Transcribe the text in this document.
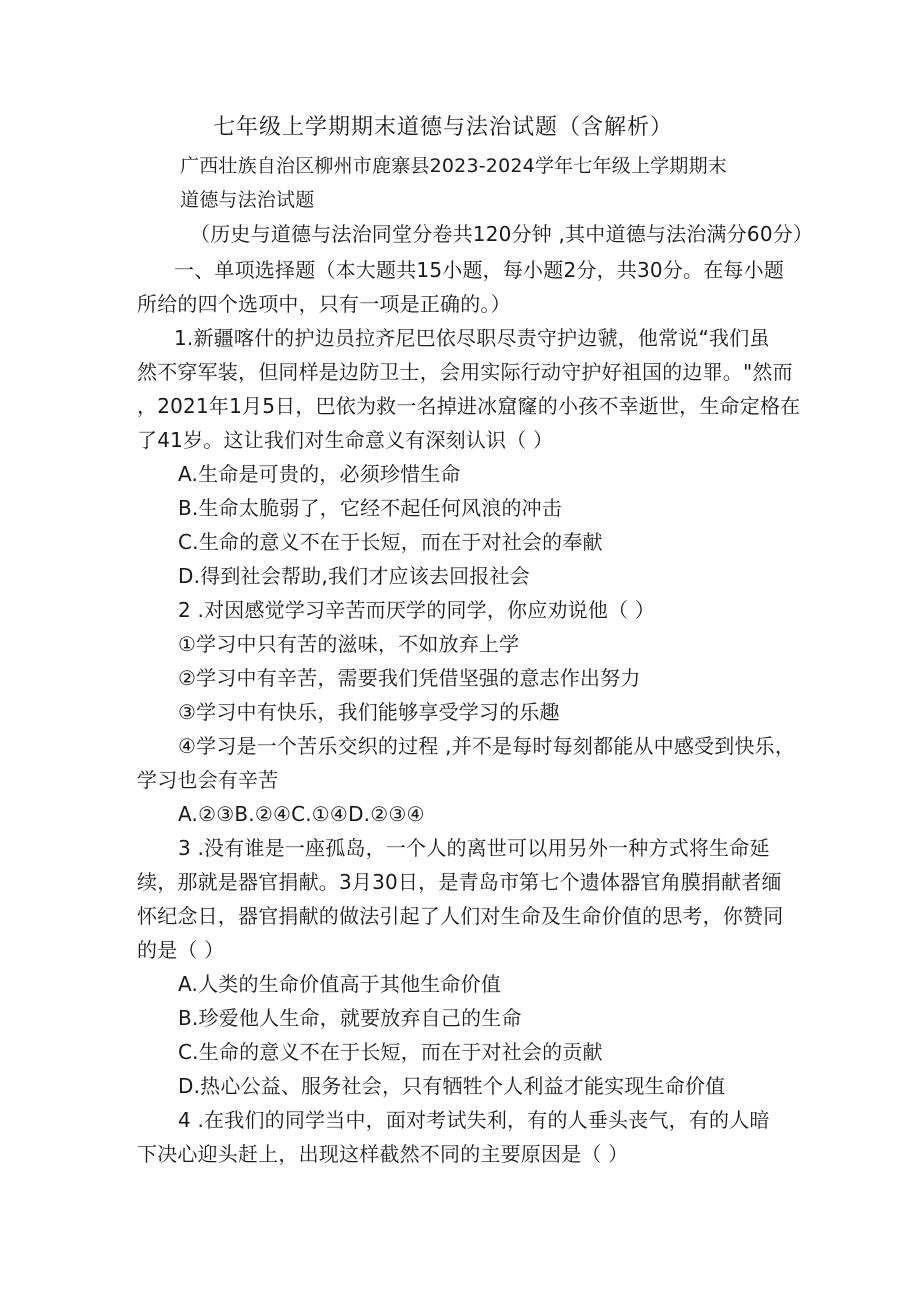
七年级上学期期末道德与法治试题（含解析）
广西壮族自治区柳州市鹿寨县2023-2024学年七年级上学期期末
道德与法治试题
（历史与道德与法治同堂分卷共120分钟 ,其中道德与法治满分60分）
一、单项选择题（本大题共15小题，每小题2分，共30分。在每小题
所给的四个选项中，只有一项是正确的。）
1.新疆喀什的护边员拉齐尼巴依尽职尽责守护边虢，他常说“我们虽
然不穿军装，但同样是边防卫士，会用实际行动守护好祖国的边罪。"然而
，2021年1月5日，巴依为救一名掉进冰窟窿的小孩不幸逝世，生命定格在
了41岁。这让我们对生命意义有深刻认识（ ）
A.生命是可贵的，必须珍惜生命
B.生命太脆弱了，它经不起任何风浪的冲击
C.生命的意义不在于长短，而在于对社会的奉献
D.得到社会帮助,我们才应该去回报社会
2 .对因感觉学习辛苦而厌学的同学，你应劝说他（ ）
①学习中只有苦的滋味，不如放弃上学
②学习中有辛苦，需要我们凭借坚强的意志作出努力
③学习中有快乐，我们能够享受学习的乐趣
④学习是一个苦乐交织的过程 ,并不是每时每刻都能从中感受到快乐，
学习也会有辛苦
A.②③B.②④C.①④D.②③④
3 .没有谁是一座孤岛，一个人的离世可以用另外一种方式将生命延
续，那就是器官捐献。3月30日，是青岛市第七个遗体器官角膜捐献者缅
怀纪念日，器官捐献的做法引起了人们对生命及生命价值的思考，你赞同
的是（ ）
A.人类的生命价值高于其他生命价值
B.珍爱他人生命，就要放弃自己的生命
C.生命的意义不在于长短，而在于对社会的贡献
D.热心公益、服务社会，只有牺牲个人利益才能实现生命价值
4 .在我们的同学当中，面对考试失利，有的人垂头丧气，有的人暗
下决心迎头赶上，出现这样截然不同的主要原因是（ ）
